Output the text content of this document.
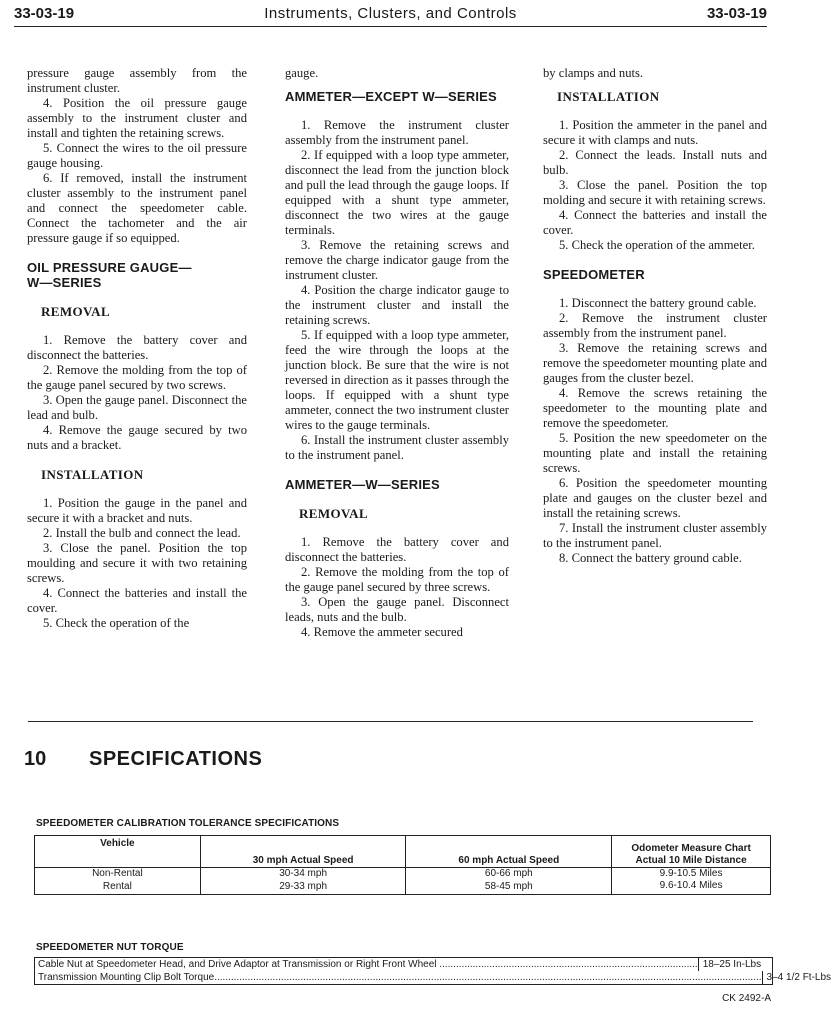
33-03-19	Instruments, Clusters, and Controls	33-03-19

pressure gauge assembly from the instrument cluster.

4. Position the oil pressure gauge assembly to the instrument cluster and install and tighten the retaining screws.

5. Connect the wires to the oil pressure gauge housing.

6. If removed, install the instrument cluster assembly to the instrument panel and connect the speedometer cable. Connect the tachometer and the air pressure gauge if so equipped.

OIL PRESSURE GAUGE— W—SERIES
REMOVAL

1. Remove the battery cover and disconnect the batteries.

2. Remove the molding from the top of the gauge panel secured by two screws.

3. Open the gauge panel. Disconnect the lead and bulb.

4. Remove the gauge secured by two nuts and a bracket.

INSTALLATION

1. Position the gauge in the panel and secure it with a bracket and nuts.

2. Install the bulb and connect the lead.

3. Close the panel. Position the top moulding and secure it with two retaining screws.

4. Connect the batteries and install the cover.

5. Check the operation of the

gauge.

AMMETER—EXCEPT W—SERIES

1. Remove the instrument cluster assembly from the instrument panel.

2. If equipped with a loop type ammeter, disconnect the lead from the junction block and pull the lead through the gauge loops. If equipped with a shunt type ammeter, disconnect the two wires at the gauge terminals.

3. Remove the retaining screws and remove the charge indicator gauge from the instrument cluster.

4. Position the charge indicator gauge to the instrument cluster and install the retaining screws.

5. If equipped with a loop type ammeter, feed the wire through the loops at the junction block. Be sure that the wire is not reversed in direction as it passes through the loops. If equipped with a shunt type ammeter, connect the two instrument cluster wires to the gauge terminals.

6. Install the instrument cluster assembly to the instrument panel.

AMMETER—W—SERIES
REMOVAL

1. Remove the battery cover and disconnect the batteries.

2. Remove the molding from the top of the gauge panel secured by three screws.

3. Open the gauge panel. Disconnect leads, nuts and the bulb.

4. Remove the ammeter secured

by clamps and nuts.

INSTALLATION

1. Position the ammeter in the panel and secure it with clamps and nuts.

2. Connect the leads. Install nuts and bulb.

3. Close the panel. Position the top molding and secure it with retaining screws.

4. Connect the batteries and install the cover.

5. Check the operation of the ammeter.

SPEEDOMETER

1. Disconnect the battery ground cable.

2. Remove the instrument cluster assembly from the instrument panel.

3. Remove the retaining screws and remove the speedometer mounting plate and gauges from the cluster bezel.

4. Remove the screws retaining the speedometer to the mounting plate and remove the speedometer.

5. Position the new speedometer on the mounting plate and install the retaining screws.

6. Position the speedometer mounting plate and gauges on the cluster bezel and install the retaining screws.

7. Install the instrument cluster assembly to the instrument panel.

8. Connect the battery ground cable.

10 SPECIFICATIONS
SPEEDOMETER CALIBRATION TOLERANCE SPECIFICATIONS
Vehicle	30 mph Actual Speed	60 mph Actual Speed	Odometer Measure Chart
Actual 10 Mile Distance

Non-Rental	30-34 mph	60-66 mph	9.9-10.5 Miles
Rental	29-33 mph	58-45 mph	9.6-10.4 Miles
SPEEDOMETER NUT TORQUE
Cable Nut at Speedometer Head, and Drive Adaptor at Transmission or Right Front Wheel ............................................................................................. 18–25 In-Lbs
Transmission Mounting Clip Bolt Torque..................................................................................................................................................................................................... 3–4 1/2 Ft-Lbs
CK 2492-A
